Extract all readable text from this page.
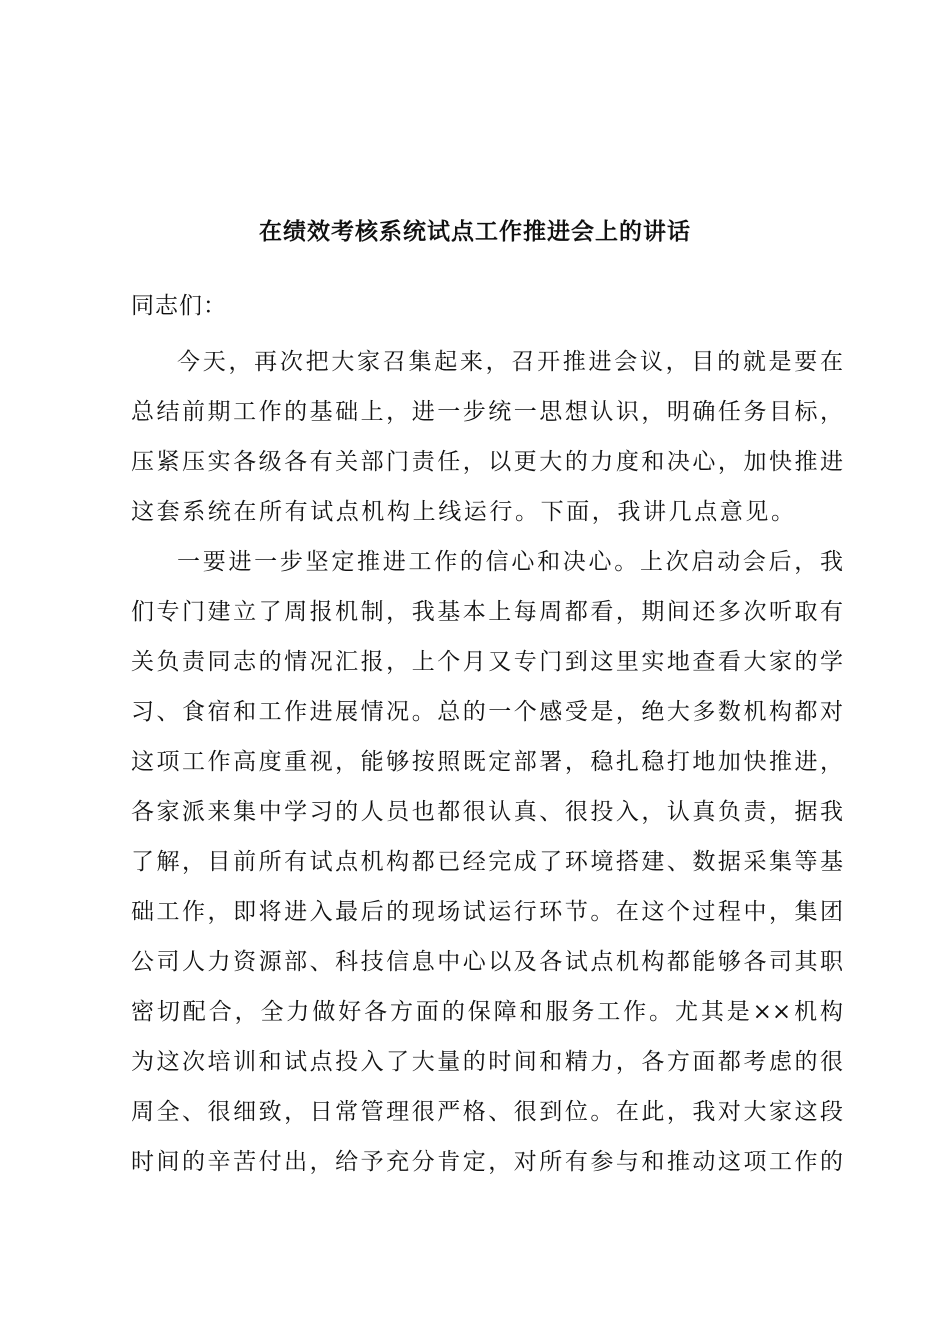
在绩效考核系统试点工作推进会上的讲话

同志们：

今天，再次把大家召集起来，召开推进会议，目的就是要在
总结前期工作的基础上，进一步统一思想认识，明确任务目标，
压紧压实各级各有关部门责任，以更大的力度和决心，加快推进
这套系统在所有试点机构上线运行。下面，我讲几点意见。
一要进一步坚定推进工作的信心和决心。上次启动会后，我
们专门建立了周报机制，我基本上每周都看，期间还多次听取有
关负责同志的情况汇报，上个月又专门到这里实地查看大家的学
习、食宿和工作进展情况。总的一个感受是，绝大多数机构都对
这项工作高度重视，能够按照既定部署，稳扎稳打地加快推进，
各家派来集中学习的人员也都很认真、很投入，认真负责，据我
了解，目前所有试点机构都已经完成了环境搭建、数据采集等基
础工作，即将进入最后的现场试运行环节。在这个过程中，集团
公司人力资源部、科技信息中心以及各试点机构都能够各司其职
密切配合，全力做好各方面的保障和服务工作。尤其是××机构
为这次培训和试点投入了大量的时间和精力，各方面都考虑的很
周全、很细致，日常管理很严格、很到位。在此，我对大家这段
时间的辛苦付出，给予充分肯定，对所有参与和推动这项工作的
